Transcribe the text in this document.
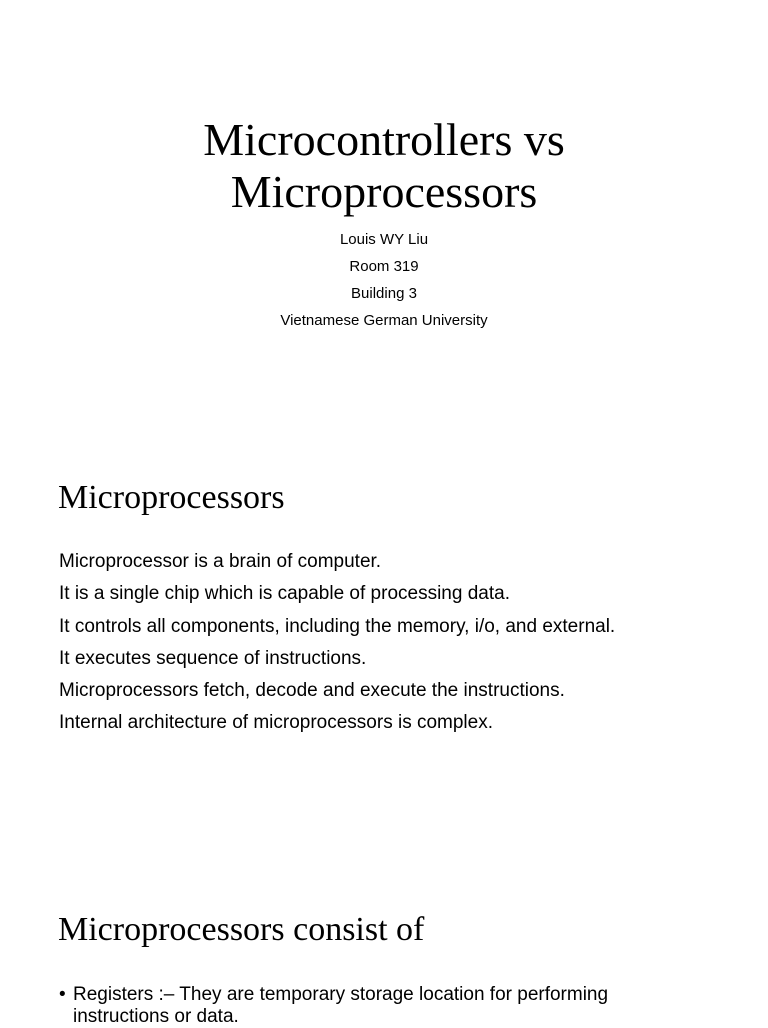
Microcontrollers vs
Microprocessors
Louis WY Liu
Room 319
Building 3
Vietnamese German University
Microprocessors
Microprocessor is a brain of computer.
It is a single chip which is capable of processing data.
It controls all components, including the memory, i/o, and external.
It executes sequence of instructions.
Microprocessors fetch, decode and execute the instructions.
Internal architecture of microprocessors is complex.
Microprocessors consist of
• Registers :– They are temporary storage location for performing instructions or data.
